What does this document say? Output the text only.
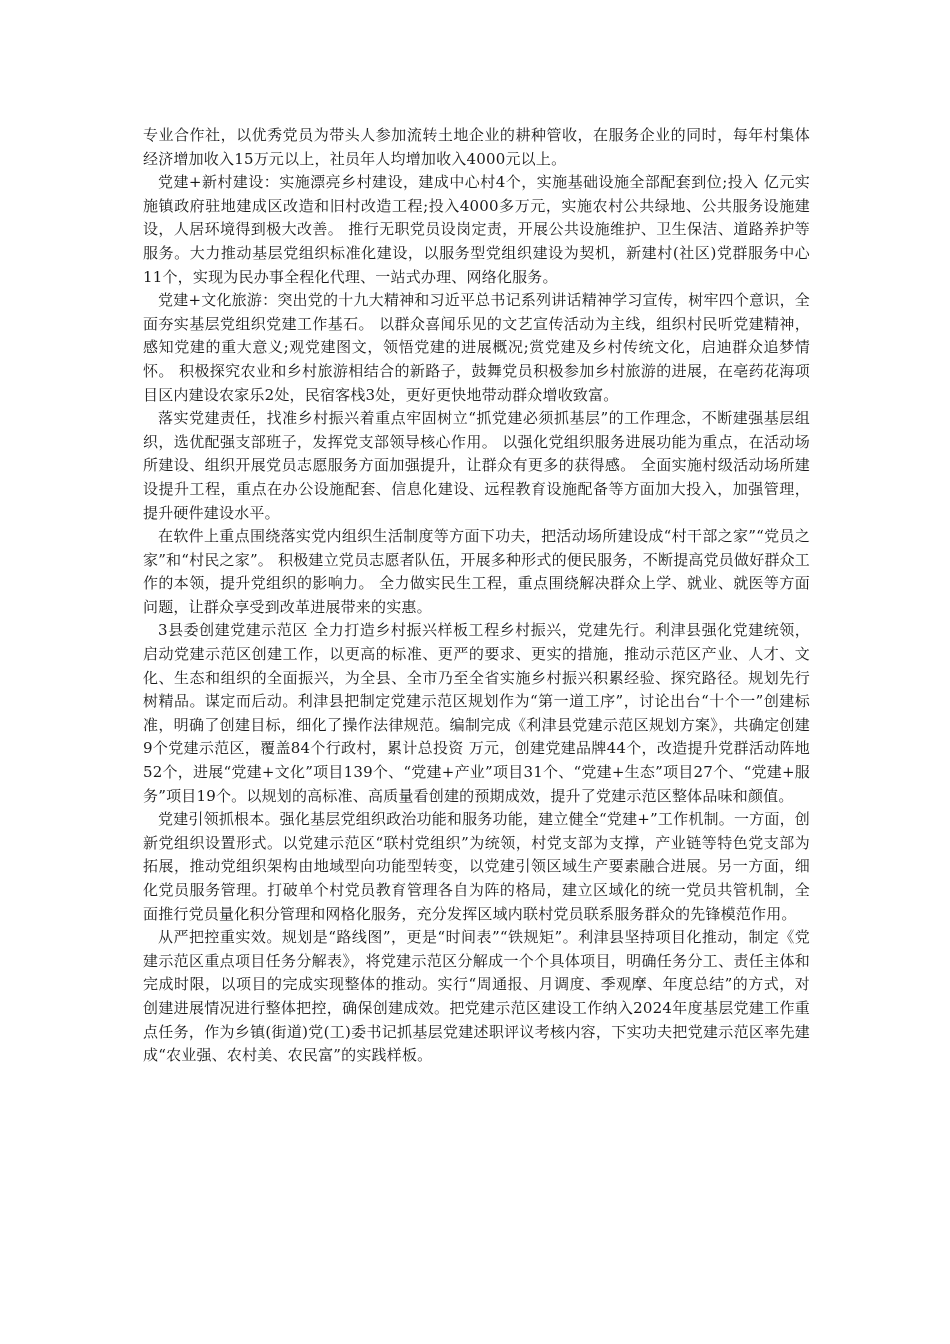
专业合作社，以优秀党员为带头人参加流转土地企业的耕种管收，在服务企业的同时，每年村集体经济增加收入15万元以上，社员年人均增加收入4000元以上。

党建+新村建设：实施漂亮乡村建设，建成中心村4个，实施基础设施全部配套到位;投入 亿元实施镇政府驻地建成区改造和旧村改造工程;投入4000多万元，实施农村公共绿地、公共服务设施建设，人居环境得到极大改善。 推行无职党员设岗定责，开展公共设施维护、卫生保洁、道路养护等服务。大力推动基层党组织标准化建设，以服务型党组织建设为契机，新建村(社区)党群服务中心11个，实现为民办事全程化代理、一站式办理、网络化服务。

党建+文化旅游：突出党的十九大精神和习近平总书记系列讲话精神学习宣传，树牢四个意识，全面夯实基层党组织党建工作基石。 以群众喜闻乐见的文艺宣传活动为主线，组织村民听党建精神，感知党建的重大意义;观党建图文，领悟党建的进展概况;赏党建及乡村传统文化，启迪群众追梦情怀。 积极探究农业和乡村旅游相结合的新路子，鼓舞党员积极参加乡村旅游的进展，在亳药花海项目区内建设农家乐2处，民宿客栈3处，更好更快地带动群众增收致富。

落实党建责任，找准乡村振兴着重点牢固树立“抓党建必须抓基层”的工作理念，不断建强基层组织，选优配强支部班子，发挥党支部领导核心作用。 以强化党组织服务进展功能为重点，在活动场所建设、组织开展党员志愿服务方面加强提升，让群众有更多的获得感。 全面实施村级活动场所建设提升工程，重点在办公设施配套、信息化建设、远程教育设施配备等方面加大投入，加强管理，提升硬件建设水平。

在软件上重点围绕落实党内组织生活制度等方面下功夫，把活动场所建设成“村干部之家”“党员之家”和“村民之家”。 积极建立党员志愿者队伍，开展多种形式的便民服务，不断提高党员做好群众工作的本领，提升党组织的影响力。 全力做实民生工程，重点围绕解决群众上学、就业、就医等方面问题，让群众享受到改革进展带来的实惠。

3县委创建党建示范区 全力打造乡村振兴样板工程乡村振兴，党建先行。利津县强化党建统领，启动党建示范区创建工作，以更高的标准、更严的要求、更实的措施，推动示范区产业、人才、文化、生态和组织的全面振兴，为全县、全市乃至全省实施乡村振兴积累经验、探究路径。规划先行树精品。谋定而后动。利津县把制定党建示范区规划作为“第一道工序”，讨论出台“十个一”创建标准，明确了创建目标，细化了操作法律规范。编制完成《利津县党建示范区规划方案》，共确定创建9个党建示范区，覆盖84个行政村，累计总投资 万元，创建党建品牌44个，改造提升党群活动阵地52个，进展“党建+文化”项目139个、“党建+产业”项目31个、“党建+生态”项目27个、“党建+服务”项目19个。以规划的高标准、高质量看创建的预期成效，提升了党建示范区整体品味和颜值。

党建引领抓根本。强化基层党组织政治功能和服务功能，建立健全“党建+”工作机制。一方面，创新党组织设置形式。以党建示范区“联村党组织”为统领，村党支部为支撑，产业链等特色党支部为拓展，推动党组织架构由地域型向功能型转变，以党建引领区域生产要素融合进展。另一方面，细化党员服务管理。打破单个村党员教育管理各自为阵的格局，建立区域化的统一党员共管机制，全面推行党员量化积分管理和网格化服务，充分发挥区域内联村党员联系服务群众的先锋模范作用。

从严把控重实效。规划是“路线图”，更是“时间表”“铁规矩”。利津县坚持项目化推动，制定《党建示范区重点项目任务分解表》，将党建示范区分解成一个个具体项目，明确任务分工、责任主体和完成时限，以项目的完成实现整体的推动。实行“周通报、月调度、季观摩、年度总结”的方式，对创建进展情况进行整体把控，确保创建成效。把党建示范区建设工作纳入2024年度基层党建工作重点任务，作为乡镇(街道)党(工)委书记抓基层党建述职评议考核内容，下实功夫把党建示范区率先建成“农业强、农村美、农民富”的实践样板。
